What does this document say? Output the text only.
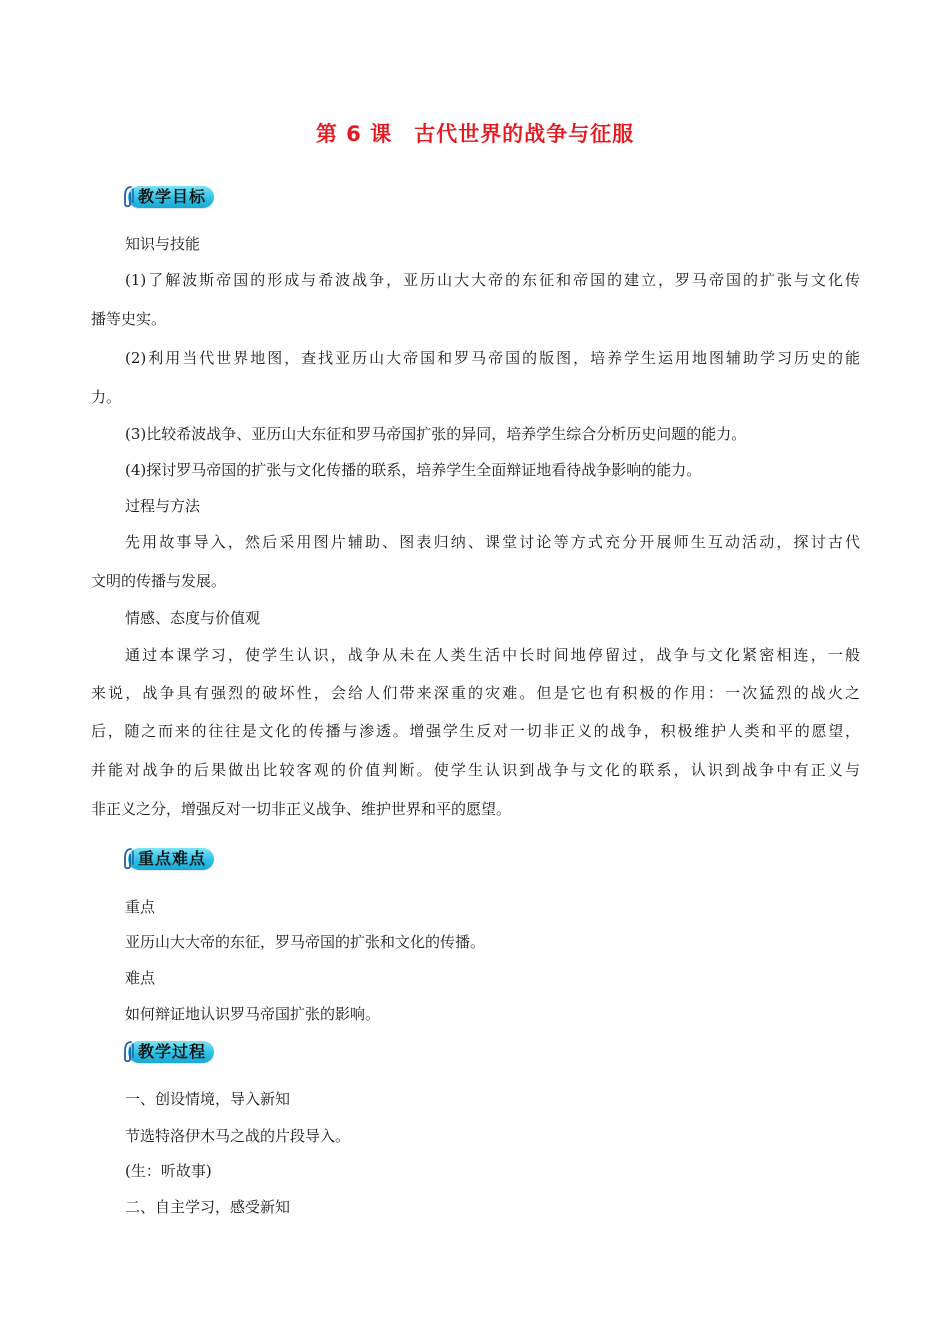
第 6 课　古代世界的战争与征服
教学目标
知识与技能
(1)了解波斯帝国的形成与希波战争，亚历山大大帝的东征和帝国的建立，罗马帝国的扩张与文化传
播等史实。
(2)利用当代世界地图，查找亚历山大帝国和罗马帝国的版图，培养学生运用地图辅助学习历史的能
力。
(3)比较希波战争、亚历山大东征和罗马帝国扩张的异同，培养学生综合分析历史问题的能力。
(4)探讨罗马帝国的扩张与文化传播的联系，培养学生全面辩证地看待战争影响的能力。
过程与方法
先用故事导入，然后采用图片辅助、图表归纳、课堂讨论等方式充分开展师生互动活动，探讨古代
文明的传播与发展。
情感、态度与价值观
通过本课学习，使学生认识，战争从未在人类生活中长时间地停留过，战争与文化紧密相连，一般
来说，战争具有强烈的破坏性，会给人们带来深重的灾难。但是它也有积极的作用：一次猛烈的战火之
后，随之而来的往往是文化的传播与渗透。增强学生反对一切非正义的战争，积极维护人类和平的愿望，
并能对战争的后果做出比较客观的价值判断。使学生认识到战争与文化的联系，认识到战争中有正义与
非正义之分，增强反对一切非正义战争、维护世界和平的愿望。
重点难点
重点
亚历山大大帝的东征，罗马帝国的扩张和文化的传播。
难点
如何辩证地认识罗马帝国扩张的影响。
教学过程
一、创设情境，导入新知
节选特洛伊木马之战的片段导入。
(生：听故事)
二、自主学习，感受新知
